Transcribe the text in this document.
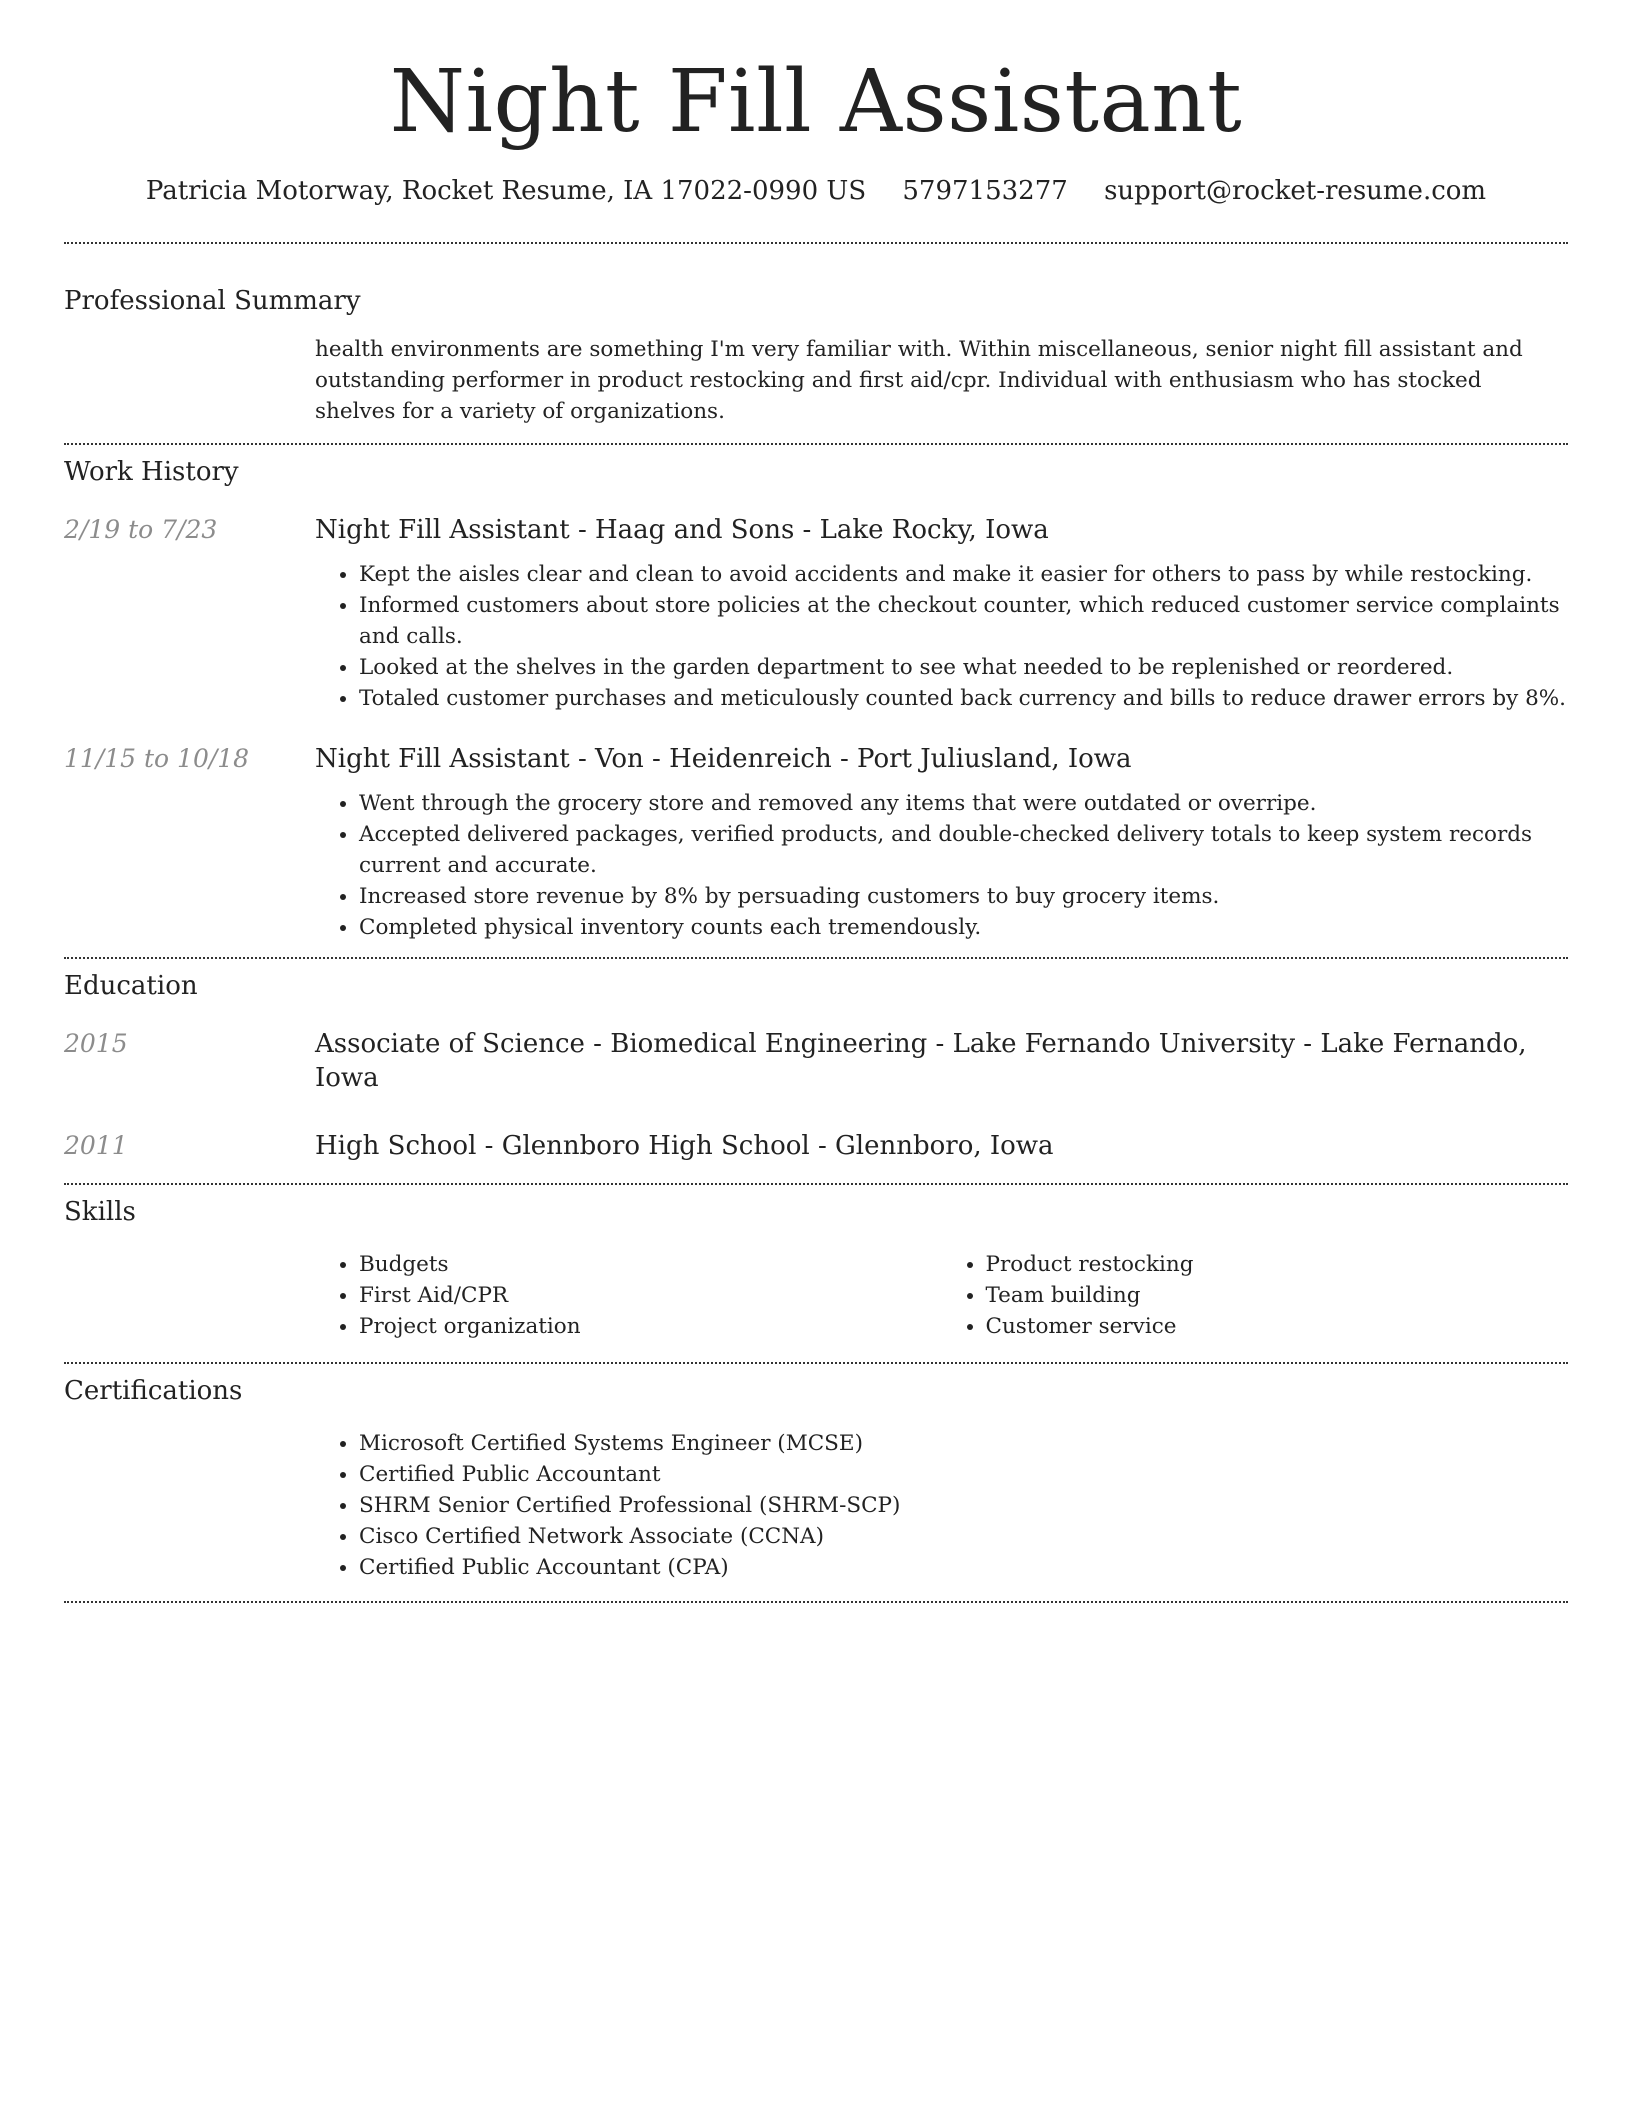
Night Fill Assistant
Patricia Motorway, Rocket Resume, IA 17022-0990 US 5797153277 support@rocket-resume.com
Professional Summary
health environments are something I'm very familiar with. Within miscellaneous, senior night fill assistant and outstanding performer in product restocking and first aid/cpr. Individual with enthusiasm who has stocked shelves for a variety of organizations.
Work History
2/19 to 7/23	Night Fill Assistant - Haag and Sons - Lake Rocky, Iowa
• Kept the aisles clear and clean to avoid accidents and make it easier for others to pass by while restocking.
• Informed customers about store policies at the checkout counter, which reduced customer service complaints and calls.
• Looked at the shelves in the garden department to see what needed to be replenished or reordered.
• Totaled customer purchases and meticulously counted back currency and bills to reduce drawer errors by 8%.
11/15 to 10/18	Night Fill Assistant - Von - Heidenreich - Port Juliusland, Iowa
• Went through the grocery store and removed any items that were outdated or overripe.
• Accepted delivered packages, verified products, and double-checked delivery totals to keep system records current and accurate.
• Increased store revenue by 8% by persuading customers to buy grocery items.
• Completed physical inventory counts each tremendously.
Education
2015	Associate of Science - Biomedical Engineering - Lake Fernando University - Lake Fernando, Iowa
2011	High School - Glennboro High School - Glennboro, Iowa
Skills
• Budgets
• First Aid/CPR
• Project organization
• Product restocking
• Team building
• Customer service
Certifications
• Microsoft Certified Systems Engineer (MCSE)
• Certified Public Accountant
• SHRM Senior Certified Professional (SHRM-SCP)
• Cisco Certified Network Associate (CCNA)
• Certified Public Accountant (CPA)
